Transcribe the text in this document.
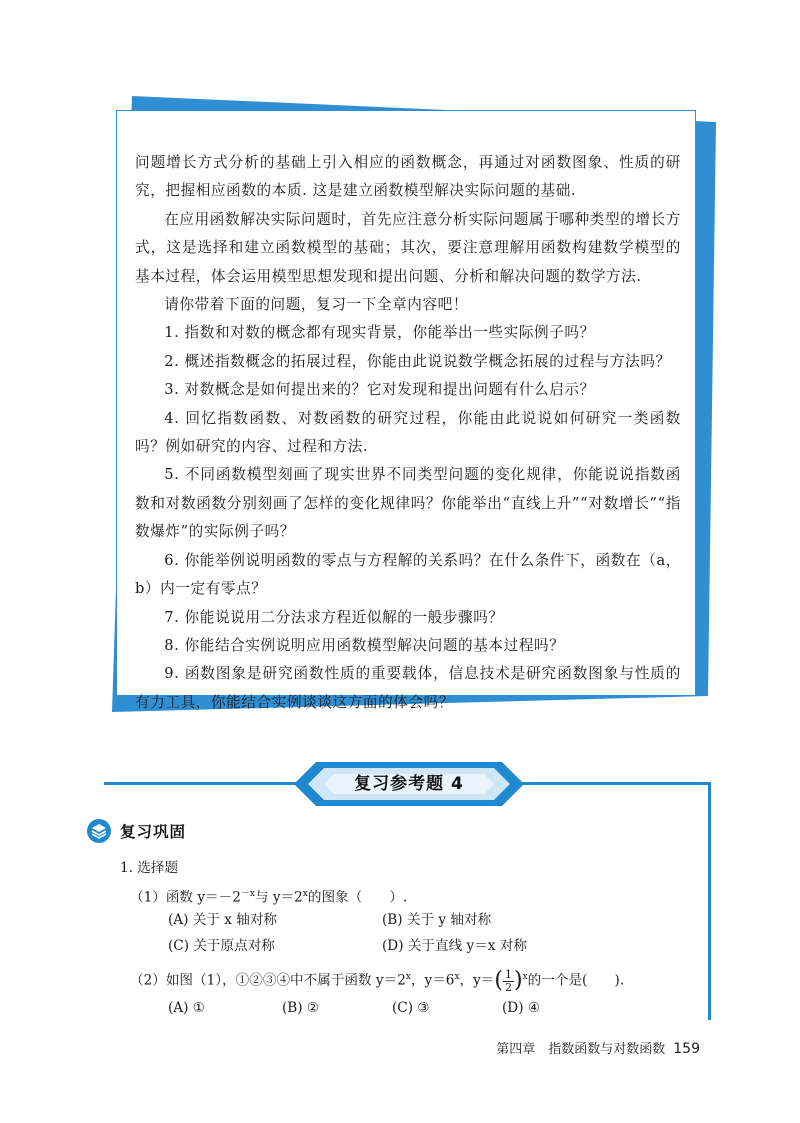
问题增长方式分析的基础上引入相应的函数概念，再通过对函数图象、性质的研究，把握相应函数的本质. 这是建立函数模型解决实际问题的基础.

在应用函数解决实际问题时，首先应注意分析实际问题属于哪种类型的增长方式，这是选择和建立函数模型的基础；其次，要注意理解用函数构建数学模型的基本过程，体会运用模型思想发现和提出问题、分析和解决问题的数学方法.

请你带着下面的问题，复习一下全章内容吧！

1. 指数和对数的概念都有现实背景，你能举出一些实际例子吗？

2. 概述指数概念的拓展过程，你能由此说说数学概念拓展的过程与方法吗？

3. 对数概念是如何提出来的？它对发现和提出问题有什么启示？

4. 回忆指数函数、对数函数的研究过程，你能由此说说如何研究一类函数吗？例如研究的内容、过程和方法.

5. 不同函数模型刻画了现实世界不同类型问题的变化规律，你能说说指数函数和对数函数分别刻画了怎样的变化规律吗？你能举出“直线上升”“对数增长”“指数爆炸”的实际例子吗？

6. 你能举例说明函数的零点与方程解的关系吗？在什么条件下，函数在（a，b）内一定有零点？

7. 你能说说用二分法求方程近似解的一般步骤吗？

8. 你能结合实例说明应用函数模型解决问题的基本过程吗？

9. 函数图象是研究函数性质的重要载体，信息技术是研究函数图象与性质的有力工具，你能结合实例谈谈这方面的体会吗？

复习参考题 4
复习巩固
1. 选择题
（1）函数 $y=-2^{-x}$与 $y=2^x$的图象（　　）.
(A) 关于 x 轴对称	(B) 关于 y 轴对称
(C) 关于原点对称	(D) 关于直线 y＝x 对称
（2）如图（1），①②③④中不属于函数 $y=2^x$，$y=6^x$，$y=( \frac{1}{2} )^x$的一个是(　　).
(A) ①	(B) ②	(C) ③	(D) ④
第四章　指数函数与对数函数 159
